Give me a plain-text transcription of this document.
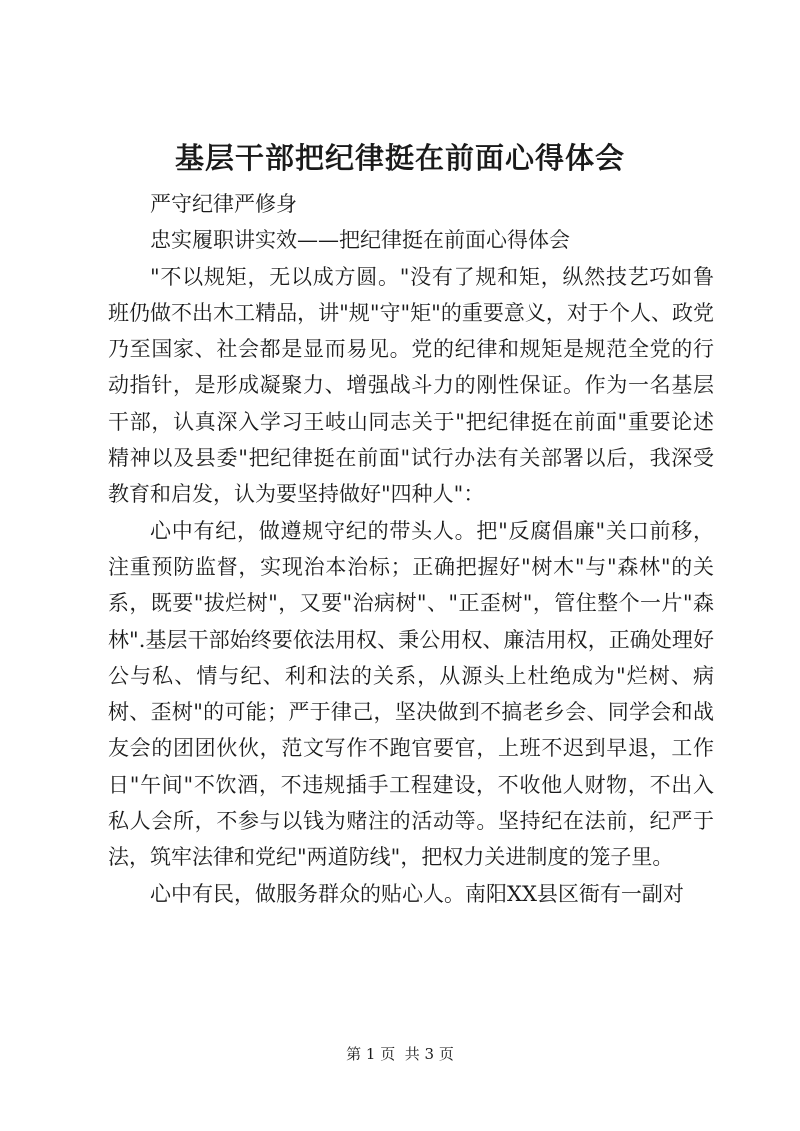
基层干部把纪律挺在前面心得体会

严守纪律严修身

忠实履职讲实效——把纪律挺在前面心得体会

"不以规矩，无以成方圆。"没有了规和矩，纵然技艺巧如鲁班仍做不出木工精品，讲"规"守"矩"的重要意义，对于个人、政党乃至国家、社会都是显而易见。党的纪律和规矩是规范全党的行动指针，是形成凝聚力、增强战斗力的刚性保证。作为一名基层干部，认真深入学习王岐山同志关于"把纪律挺在前面"重要论述精神以及县委"把纪律挺在前面"试行办法有关部署以后，我深受教育和启发，认为要坚持做好"四种人"：

心中有纪，做遵规守纪的带头人。把"反腐倡廉"关口前移，注重预防监督，实现治本治标；正确把握好"树木"与"森林"的关系，既要"拔烂树"，又要"治病树"、"正歪树"，管住整个一片"森林".基层干部始终要依法用权、秉公用权、廉洁用权，正确处理好公与私、情与纪、利和法的关系，从源头上杜绝成为"烂树、病树、歪树"的可能；严于律己，坚决做到不搞老乡会、同学会和战友会的团团伙伙，范文写作不跑官要官，上班不迟到早退，工作日"午间"不饮酒，不违规插手工程建设，不收他人财物，不出入私人会所，不参与以钱为赌注的活动等。坚持纪在法前，纪严于法，筑牢法律和党纪"两道防线"，把权力关进制度的笼子里。

心中有民，做服务群众的贴心人。南阳XX县区衙有一副对

第 1 页  共 3 页
